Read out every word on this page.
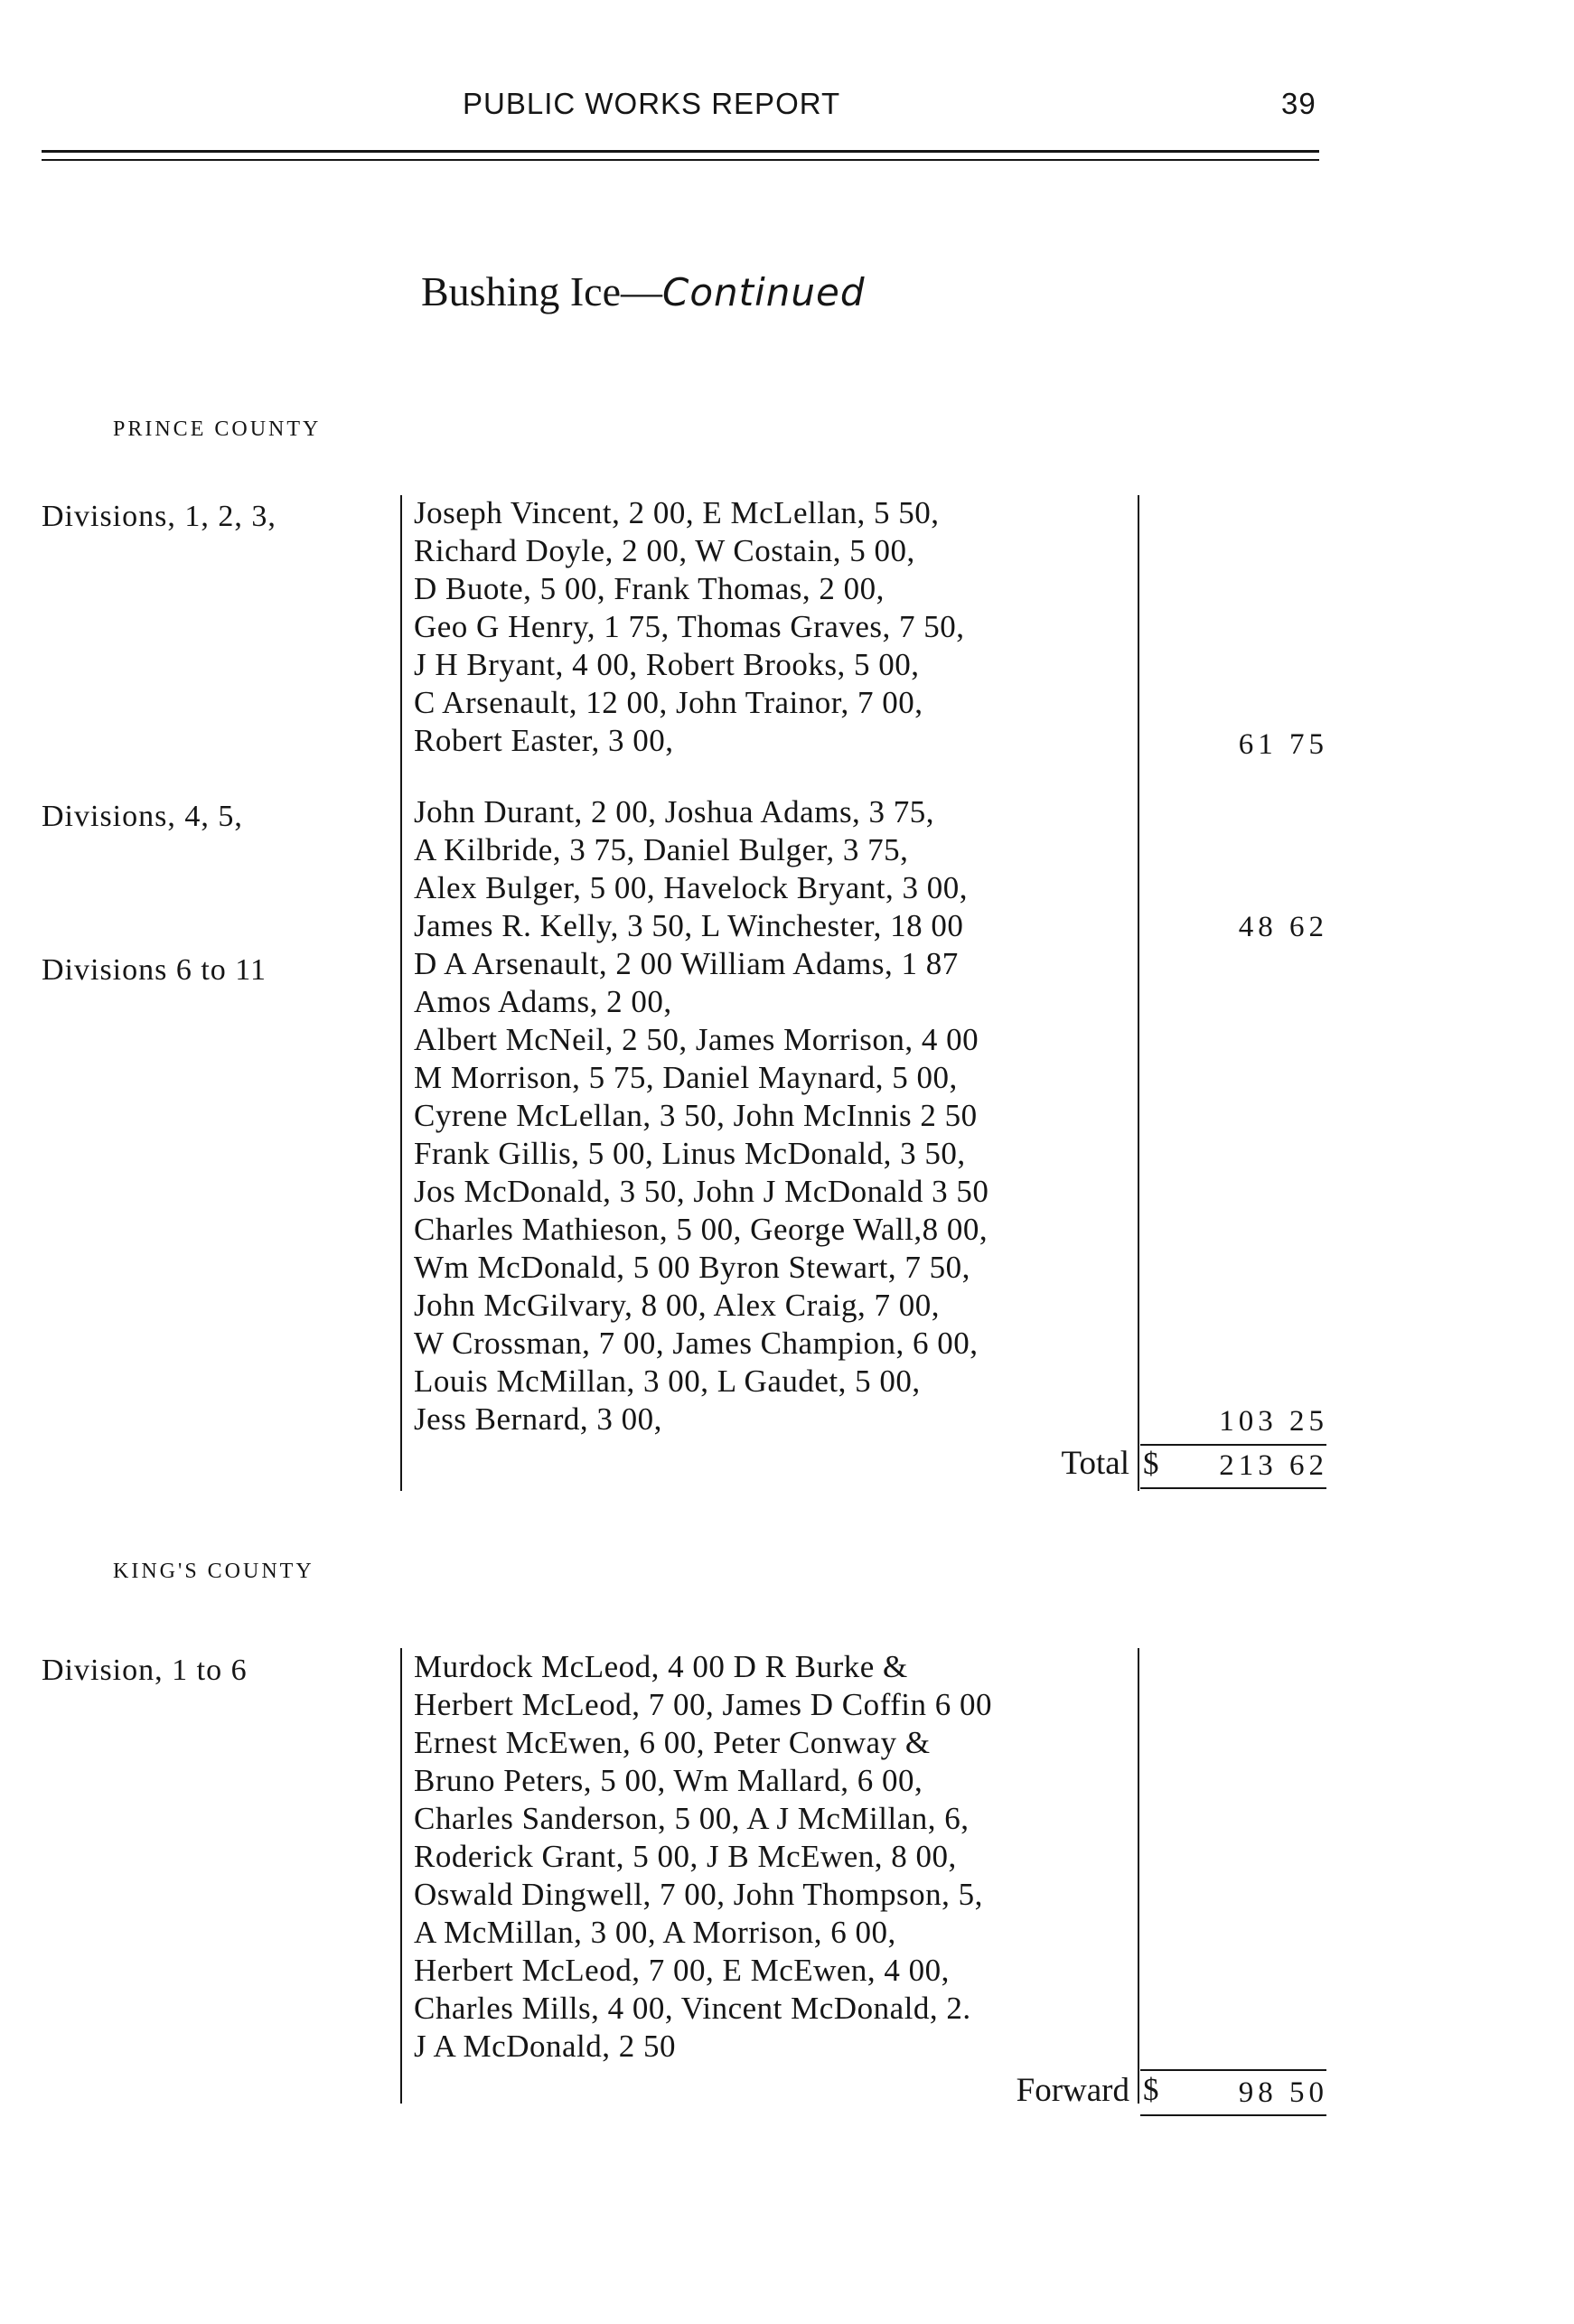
PUBLIC WORKS REPORT	39
Bushing Ice—Continued
PRINCE COUNTY
Divisions, 1, 2, 3,	Joseph Vincent, 2 00, E McLellan, 5 50,
Richard Doyle, 2 00, W Costain, 5 00,
D Buote, 5 00, Frank Thomas, 2 00,
Geo G Henry, 1 75, Thomas Graves, 7 50,
J H Bryant, 4 00, Robert Brooks, 5 00,
C Arsenault, 12 00, John Trainor, 7 00,
Robert Easter, 3 00,	61 75
Divisions, 4, 5,	John Durant, 2 00, Joshua Adams, 3 75,
A Kilbride, 3 75, Daniel Bulger, 3 75,
Alex Bulger, 5 00, Havelock Bryant, 3 00,
James R. Kelly, 3 50, L Winchester, 18 00	48 62
Divisions 6 to 11	D A Arsenault, 2 00 William Adams, 1 87
Amos Adams, 2 00,
Albert McNeil, 2 50, James Morrison, 4 00
M Morrison, 5 75, Daniel Maynard, 5 00,
Cyrene McLellan, 3 50, John McInnis 2 50
Frank Gillis, 5 00, Linus McDonald, 3 50,
Jos McDonald, 3 50, John J McDonald 3 50
Charles Mathieson, 5 00, George Wall,8 00,
Wm McDonald, 5 00 Byron Stewart, 7 50,
John McGilvary, 8 00, Alex Craig, 7 00,
W Crossman, 7 00, James Champion, 6 00,
Louis McMillan, 3 00, L Gaudet, 5 00,
Jess Bernard, 3 00,	103 25
Total $	213 62
KING'S COUNTY
Division, 1 to 6	Murdock McLeod, 4 00 D R Burke &
Herbert McLeod, 7 00, James D Coffin 6 00
Ernest McEwen, 6 00, Peter Conway &
Bruno Peters, 5 00, Wm Mallard, 6 00,
Charles Sanderson, 5 00, A J McMillan, 6,
Roderick Grant, 5 00, J B McEwen, 8 00,
Oswald Dingwell, 7 00, John Thompson, 5,
A McMillan, 3 00, A Morrison, 6 00,
Herbert McLeod, 7 00, E McEwen, 4 00,
Charles Mills, 4 00, Vincent McDonald, 2.
J A McDonald, 2 50
Forward $	98 50
